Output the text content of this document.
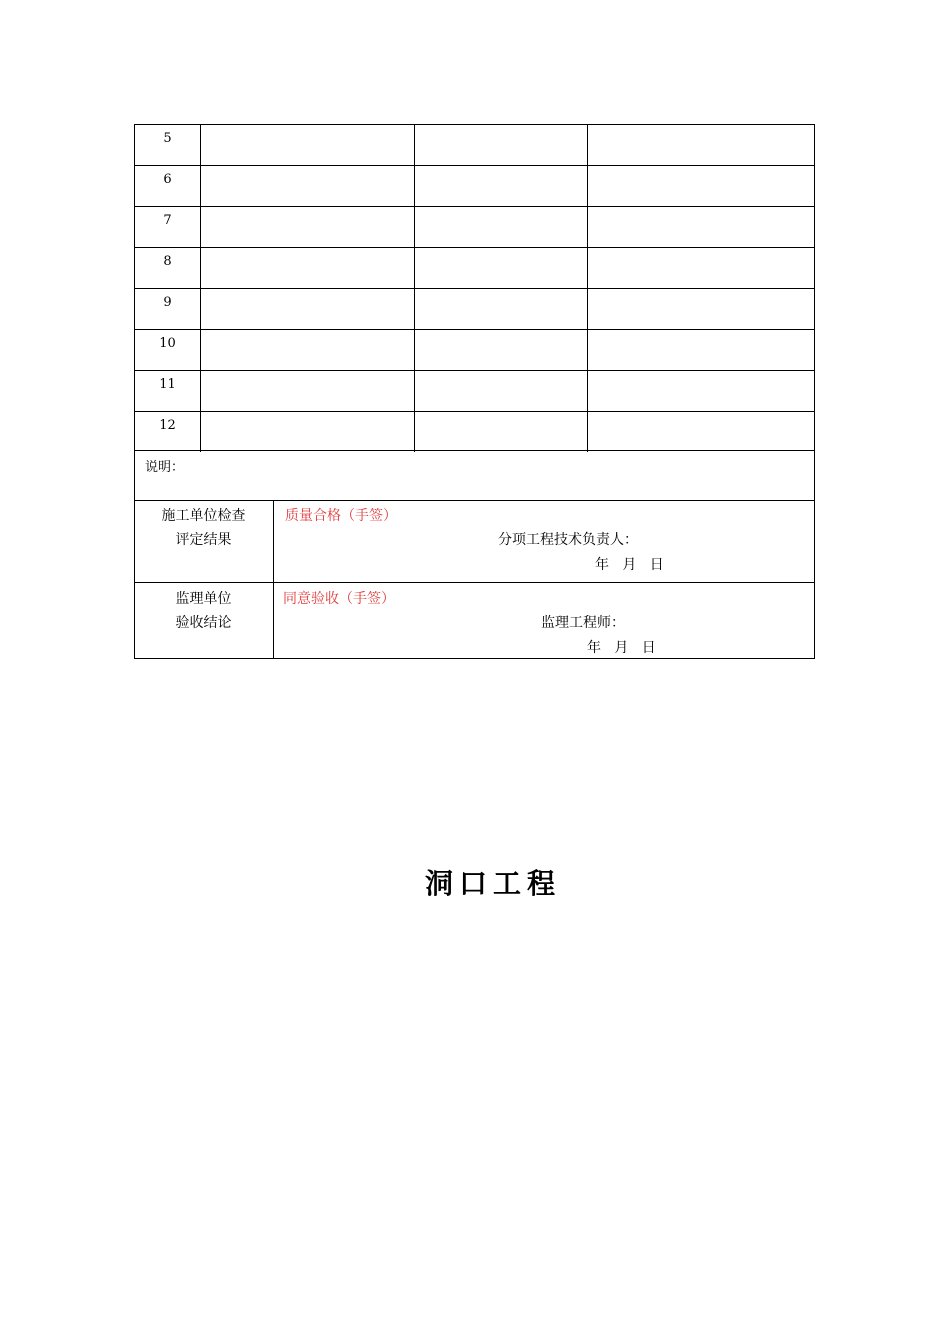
5
6
7
8
9
10
11
12
说明：
施工单位检查
评定结果
质量合格（手签）
分项工程技术负责人：
年   月   日
监理单位
验收结论
同意验收（手签）
监理工程师：
年   月   日
洞口工程
